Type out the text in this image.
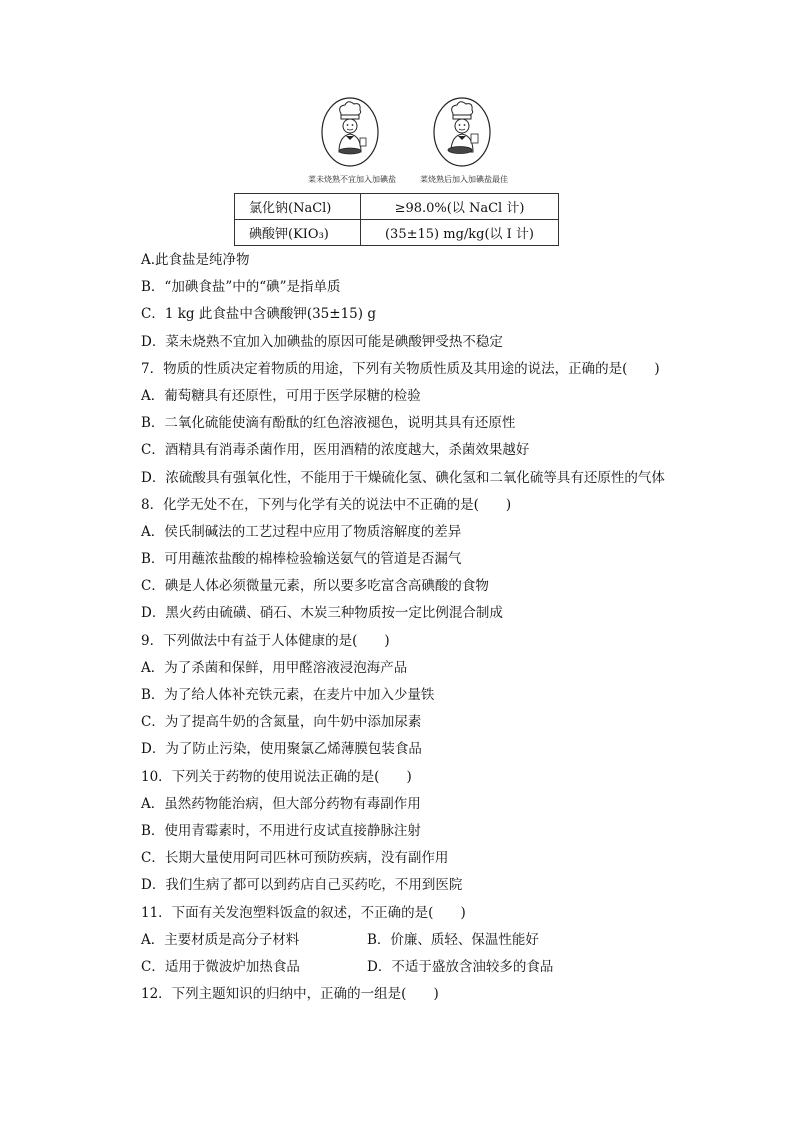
菜未烧熟不宜加入加碘盐	菜烧熟后加入加碘盐最佳
氯化钠(NaCl)	≥98.0%(以 NaCl 计)
碘酸钾(KIO₃)	(35±15) mg/kg(以 I 计)
A.此食盐是纯净物
B．“加碘食盐”中的“碘”是指单质
C．1 kg 此食盐中含碘酸钾(35±15) g
D．菜未烧熟不宜加入加碘盐的原因可能是碘酸钾受热不稳定
7．物质的性质决定着物质的用途，下列有关物质性质及其用途的说法，正确的是(　　)
A．葡萄糖具有还原性，可用于医学尿糖的检验
B．二氧化硫能使滴有酚酞的红色溶液褪色，说明其具有还原性
C．酒精具有消毒杀菌作用，医用酒精的浓度越大，杀菌效果越好
D．浓硫酸具有强氧化性，不能用于干燥硫化氢、碘化氢和二氧化硫等具有还原性的气体
8．化学无处不在，下列与化学有关的说法中不正确的是(　　)
A．侯氏制碱法的工艺过程中应用了物质溶解度的差异
B．可用蘸浓盐酸的棉棒检验输送氨气的管道是否漏气
C．碘是人体必须微量元素，所以要多吃富含高碘酸的食物
D．黑火药由硫磺、硝石、木炭三种物质按一定比例混合制成
9．下列做法中有益于人体健康的是(　　)
A．为了杀菌和保鲜，用甲醛溶液浸泡海产品
B．为了给人体补充铁元素，在麦片中加入少量铁
C．为了提高牛奶的含氮量，向牛奶中添加尿素
D．为了防止污染，使用聚氯乙烯薄膜包装食品
10．下列关于药物的使用说法正确的是(　　)
A．虽然药物能治病，但大部分药物有毒副作用
B．使用青霉素时，不用进行皮试直接静脉注射
C．长期大量使用阿司匹林可预防疾病，没有副作用
D．我们生病了都可以到药店自己买药吃，不用到医院
11．下面有关发泡塑料饭盒的叙述，不正确的是(　　)
A．主要材质是高分子材料	B．价廉、质轻、保温性能好
C．适用于微波炉加热食品	D．不适于盛放含油较多的食品
12．下列主题知识的归纳中，正确的一组是(　　)
